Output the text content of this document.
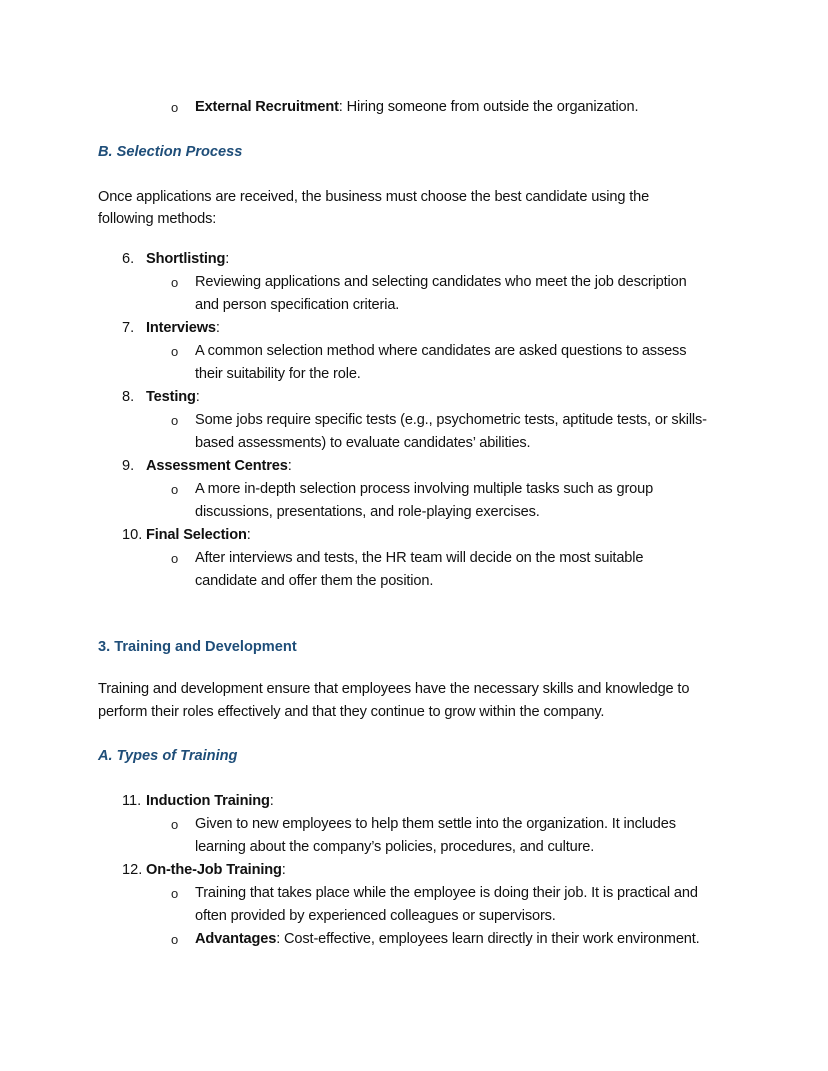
o External Recruitment: Hiring someone from outside the organization.
B. Selection Process
Once applications are received, the business must choose the best candidate using the
following methods:
6. Shortlisting:
o Reviewing applications and selecting candidates who meet the job description
and person specification criteria.
7. Interviews:
o A common selection method where candidates are asked questions to assess
their suitability for the role.
8. Testing:
o Some jobs require specific tests (e.g., psychometric tests, aptitude tests, or skills-
based assessments) to evaluate candidates’ abilities.
9. Assessment Centres:
o A more in-depth selection process involving multiple tasks such as group
discussions, presentations, and role-playing exercises.
10. Final Selection:
o After interviews and tests, the HR team will decide on the most suitable
candidate and offer them the position.
3. Training and Development
Training and development ensure that employees have the necessary skills and knowledge to
perform their roles effectively and that they continue to grow within the company.
A. Types of Training
11. Induction Training:
o Given to new employees to help them settle into the organization. It includes
learning about the company’s policies, procedures, and culture.
12. On-the-Job Training:
o Training that takes place while the employee is doing their job. It is practical and
often provided by experienced colleagues or supervisors.
o Advantages: Cost-effective, employees learn directly in their work environment.
